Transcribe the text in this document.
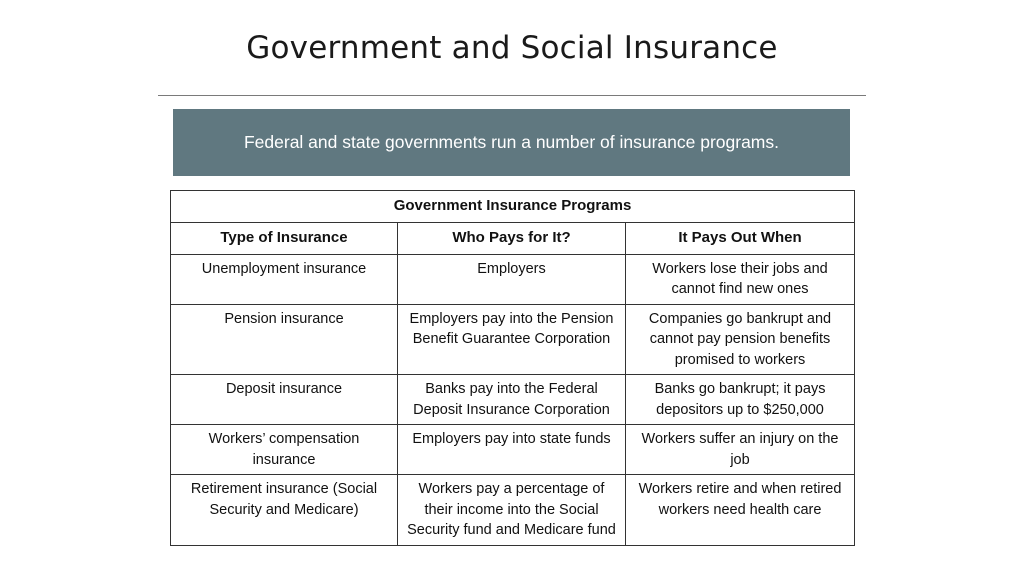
Government and Social Insurance
Federal and state governments run a number of insurance programs.
Government Insurance Programs		
Type of Insurance	Who Pays for It?	It Pays Out When
Unemployment insurance	Employers	Workers lose their jobs and cannot find new ones
Pension insurance	Employers pay into the Pension Benefit Guarantee Corporation	Companies go bankrupt and cannot pay pension benefits promised to workers
Deposit insurance	Banks pay into the Federal Deposit Insurance Corporation	Banks go bankrupt; it pays depositors up to $250,000
Workers’ compensation insurance	Employers pay into state funds	Workers suffer an injury on the job
Retirement insurance (Social Security and Medicare)	Workers pay a percentage of their income into the Social Security fund and Medicare fund	Workers retire and when retired workers need health care
